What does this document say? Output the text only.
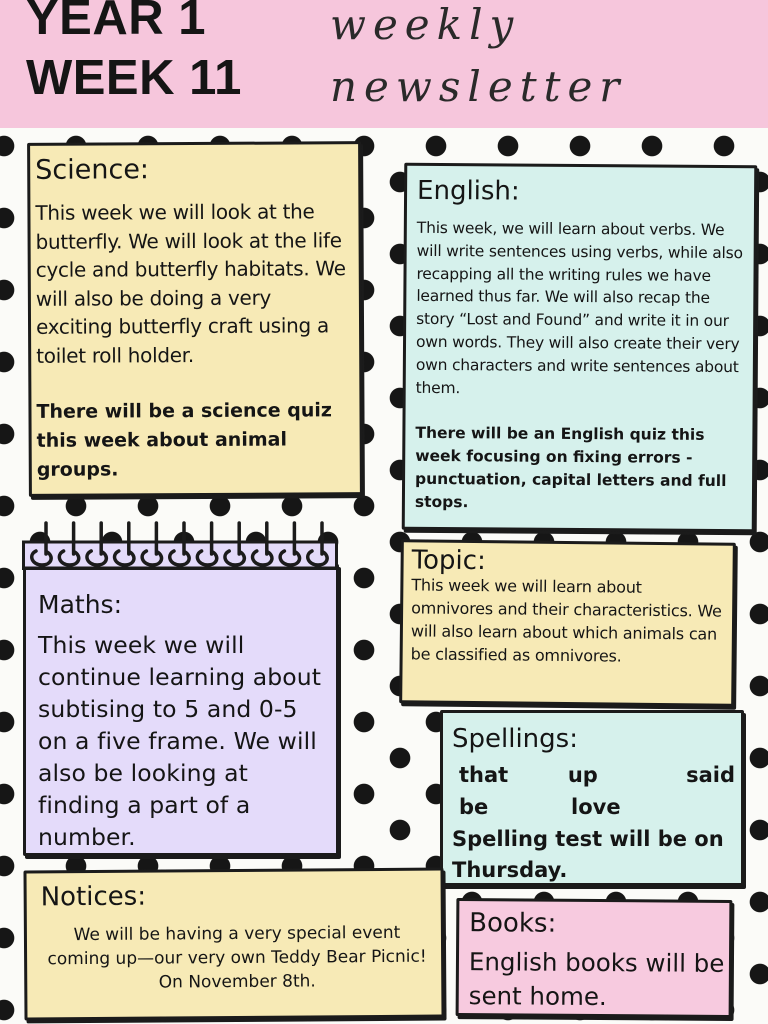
YEAR 1
WEEK 11
weekly
newsletter
Science:

This week we will look at the butterfly. We will look at the life cycle and butterfly habitats. We will also be doing a very exciting butterfly craft using a toilet roll holder.

There will be a science quiz this week about animal groups.

English:

This week, we will learn about verbs. We will write sentences using verbs, while also recapping all the writing rules we have learned thus far. We will also recap the story “Lost and Found” and write it in our own words. They will also create their very own characters and write sentences about them.

There will be an English quiz this week focusing on fixing errors - punctuation, capital letters and full stops.

Maths:

This week we will continue learning about subtising to 5 and 0-5 on a five frame. We will also be looking at finding a part of a number.

Topic:

This week we will learn about omnivores and their characteristics. We will also learn about which animals can be classified as omnivores.

Spellings:
that	up	said
be	love

Spelling test will be on Thursday.

Notices:

We will be having a very special event coming up—our very own Teddy Bear Picnic! On November 8th.

Books:

English books will be sent home.
